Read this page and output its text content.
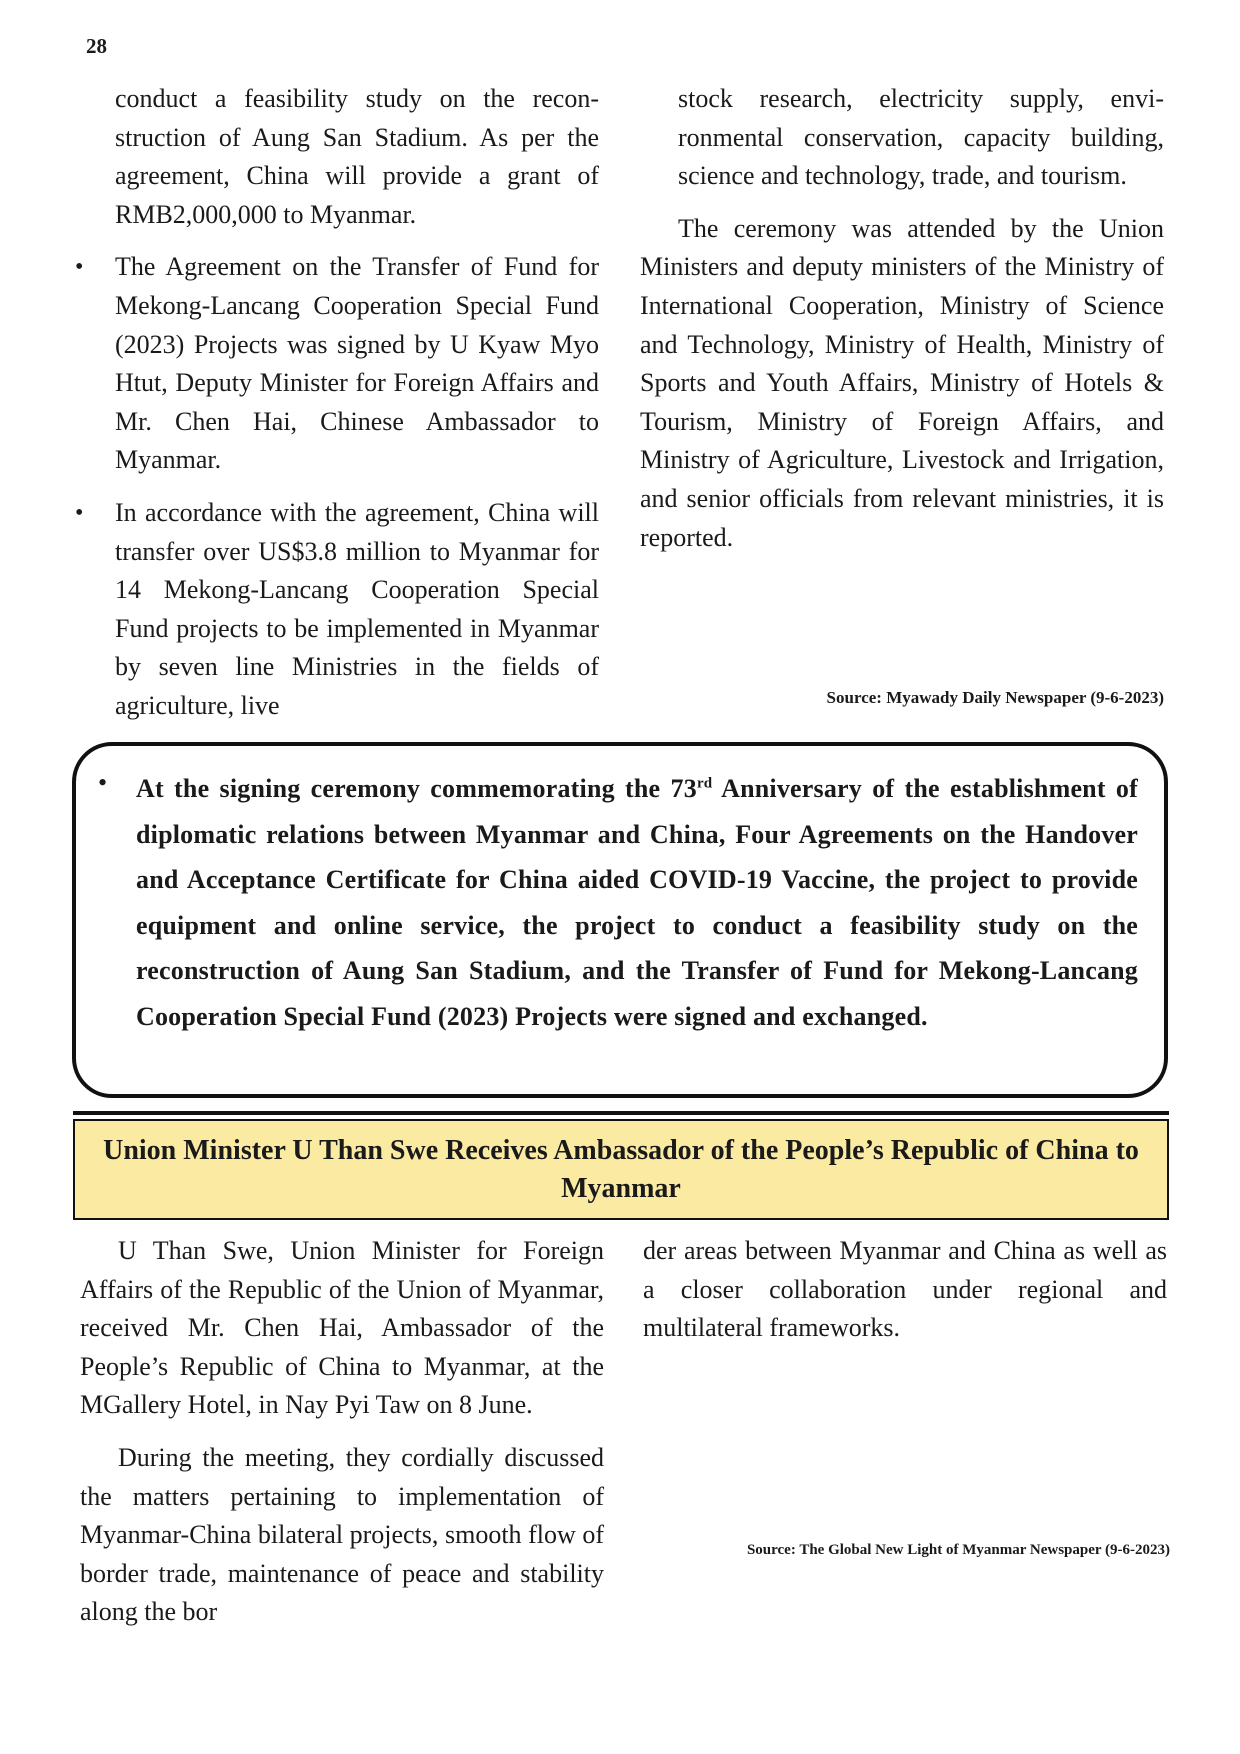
28

conduct a feasibility study on the reconstruction of Aung San Stadium. As per the agreement, China will provide a grant of RMB2,000,000 to Myanmar.

• The Agreement on the Transfer of Fund for Mekong-Lancang Cooperation Special Fund (2023) Projects was signed by U Kyaw Myo Htut, Deputy Minister for Foreign Affairs and Mr. Chen Hai, Chinese Ambassador to Myanmar.
• In accordance with the agreement, China will transfer over US$3.8 million to Myanmar for 14 Mekong-Lancang Cooperation Special Fund projects to be implemented in Myanmar by seven line Ministries in the fields of agriculture, live

stock research, electricity supply, environmental conservation, capacity building, science and technology, trade, and tourism.

The ceremony was attended by the Union Ministers and deputy ministers of the Ministry of International Cooperation, Ministry of Science and Technology, Ministry of Health, Ministry of Sports and Youth Affairs, Ministry of Hotels & Tourism, Ministry of Foreign Affairs, and Ministry of Agriculture, Livestock and Irrigation, and senior officials from relevant ministries, it is reported.

Source: Myawady Daily Newspaper (9-6-2023)
• At the signing ceremony commemorating the 73rd Anniversary of the establishment of diplomatic relations between Myanmar and China, Four Agreements on the Handover and Acceptance Certificate for China aided COVID-19 Vaccine, the project to provide equipment and online service, the project to conduct a feasibility study on the reconstruction of Aung San Stadium, and the Transfer of Fund for Mekong-Lancang Cooperation Special Fund (2023) Projects were signed and exchanged.
Union Minister U Than Swe Receives Ambassador of the People’s Republic of China to Myanmar

U Than Swe, Union Minister for Foreign Affairs of the Republic of the Union of Myanmar, received Mr. Chen Hai, Ambassador of the People’s Republic of China to Myanmar, at the MGallery Hotel, in Nay Pyi Taw on 8 June.

During the meeting, they cordially discussed the matters pertaining to implementation of Myanmar-China bilateral projects, smooth flow of border trade, maintenance of peace and stability along the bor

der areas between Myanmar and China as well as a closer collaboration under regional and multilateral frameworks.

Source: The Global New Light of Myanmar Newspaper (9-6-2023)
